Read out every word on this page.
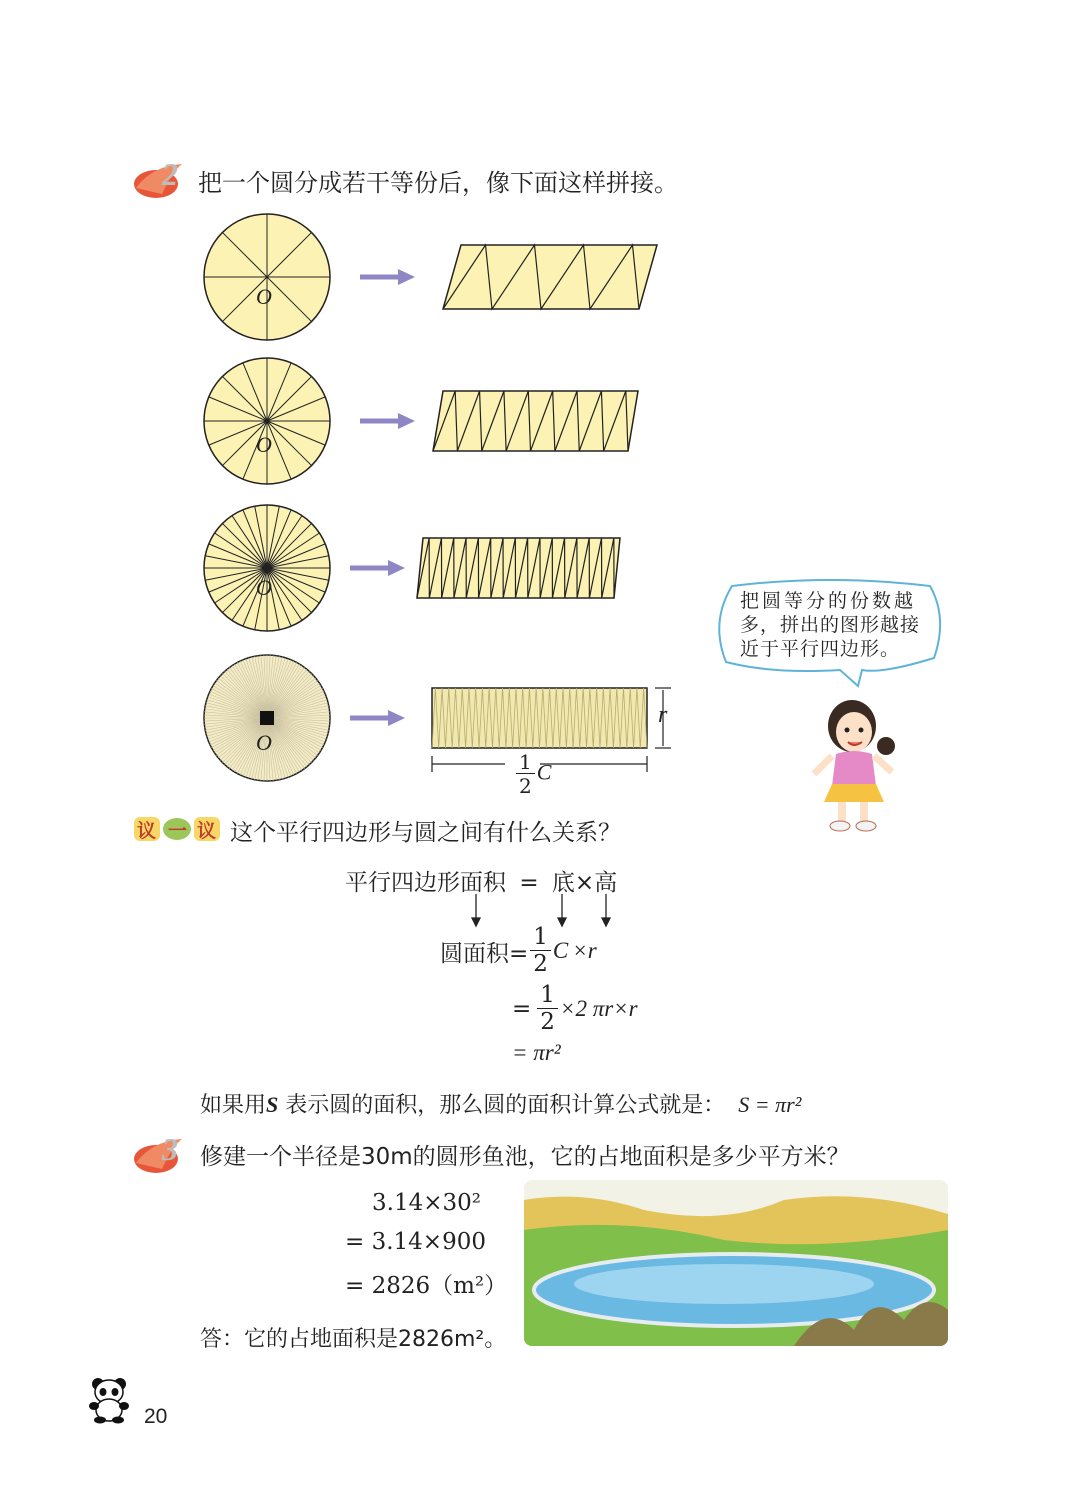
2 把一个圆分成若干等份后，像下面这样拼接。
O
O
O
O
r
$\frac{1}{2}$ C
把圆等分的份数越
多，拼出的图形越接
近于平行四边形。
议 一 议 这个平行四边形与圆之间有什么关系？
平行四边形面积 = 底×高
圆面积= $\frac{1}{2}$ C ×r
= $\frac{1}{2} \times 2$ πr×r
= πr²
如果用S 表示圆的面积，那么圆的面积计算公式就是： S = πr²
3 修建一个半径是30m的圆形鱼池，它的占地面积是多少平方米？
3.14×30²
= 3.14×900
= 2826（m²）
答：它的占地面积是2826m²。
20
